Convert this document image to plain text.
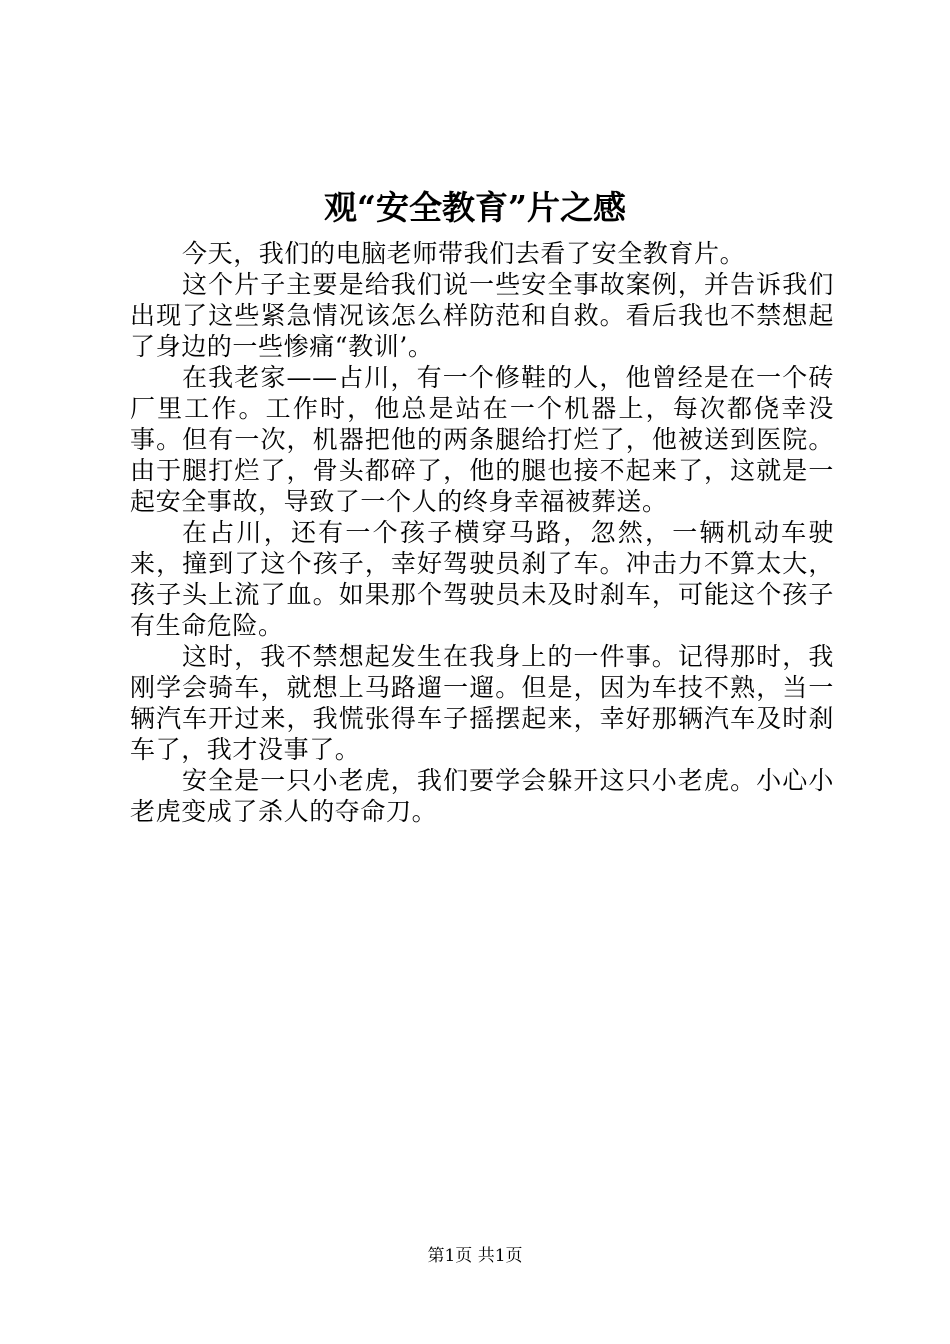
观“安全教育”片之感

今天，我们的电脑老师带我们去看了安全教育片。

这个片子主要是给我们说一些安全事故案例，并告诉我们出现了这些紧急情况该怎么样防范和自救。看后我也不禁想起了身边的一些惨痛“教训’。

在我老家——占川，有一个修鞋的人，他曾经是在一个砖厂里工作。工作时，他总是站在一个机器上，每次都侥幸没事。但有一次，机器把他的两条腿给打烂了，他被送到医院。由于腿打烂了，骨头都碎了，他的腿也接不起来了，这就是一起安全事故，导致了一个人的终身幸福被葬送。

在占川，还有一个孩子横穿马路，忽然，一辆机动车驶来，撞到了这个孩子，幸好驾驶员刹了车。冲击力不算太大，孩子头上流了血。如果那个驾驶员未及时刹车，可能这个孩子有生命危险。

这时，我不禁想起发生在我身上的一件事。记得那时，我刚学会骑车，就想上马路遛一遛。但是，因为车技不熟，当一辆汽车开过来，我慌张得车子摇摆起来，幸好那辆汽车及时刹车了，我才没事了。

安全是一只小老虎，我们要学会躲开这只小老虎。小心小老虎变成了杀人的夺命刀。

第1页 共1页
